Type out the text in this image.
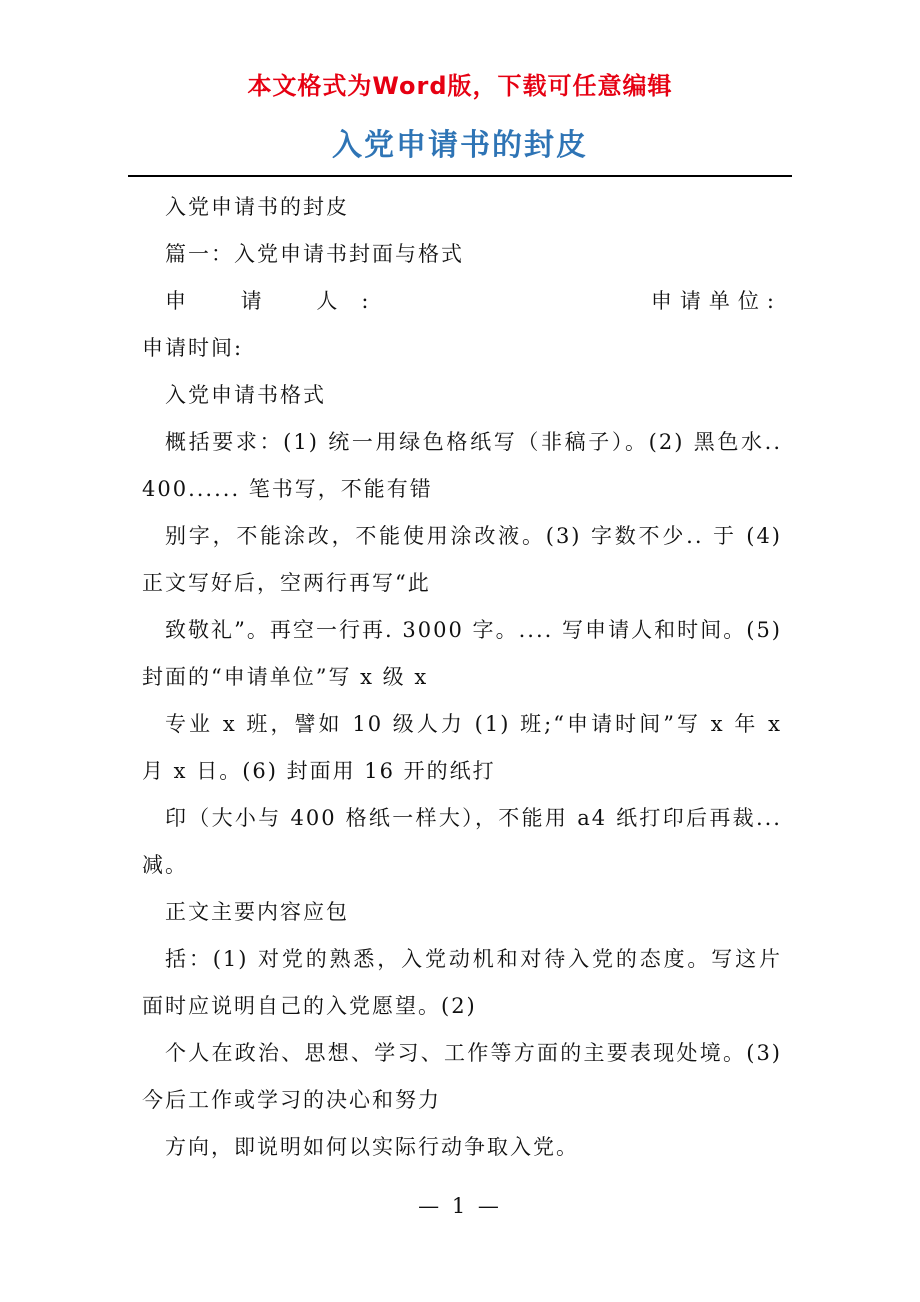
本文格式为Word版，下载可任意编辑
入党申请书的封皮

入党申请书的封皮

篇一：入党申请书封面与格式

申 请 人:	申请单位:

申请时间:

入党申请书格式

概括要求：(1) 统一用绿色格纸写（非稿子）。(2) 黑色水.. 400...... 笔书写，不能有错

别字，不能涂改，不能使用涂改液。(3) 字数不少.. 于 (4) 正文写好后，空两行再写“此

致敬礼”。再空一行再. 3000 字。.... 写申请人和时间。(5) 封面的“申请单位”写 x 级 x

专业 x 班，譬如 10 级人力 (1) 班;“申请时间”写 x 年 x 月 x 日。(6) 封面用 16 开的纸打

印（大小与 400 格纸一样大），不能用 a4 纸打印后再裁... 减。

正文主要内容应包

括：(1) 对党的熟悉，入党动机和对待入党的态度。写这片面时应说明自己的入党愿望。(2)

个人在政治、思想、学习、工作等方面的主要表现处境。(3) 今后工作或学习的决心和努力

方向，即说明如何以实际行动争取入党。

— 1 —
